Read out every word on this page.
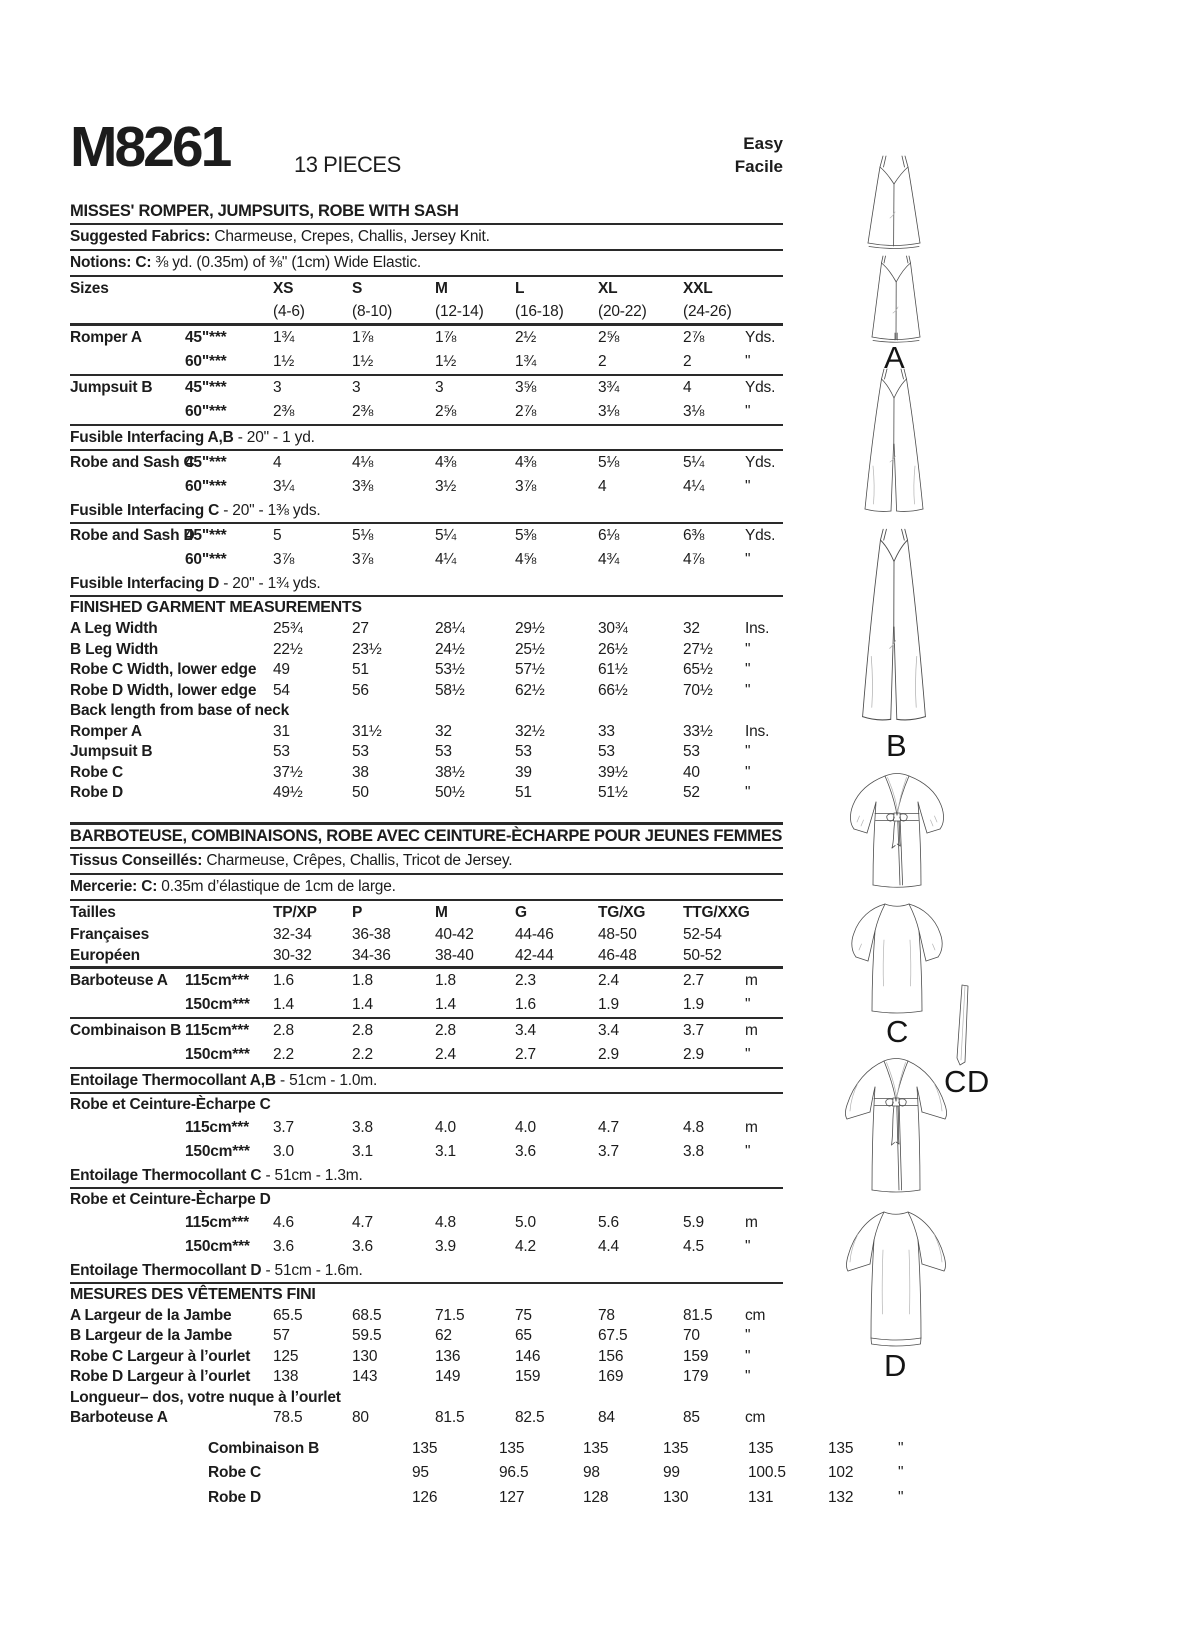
M8261	13 PIECES
Easy
Facile
MISSES' ROMPER, JUMPSUITS, ROBE WITH SASH
Suggested Fabrics: Charmeuse, Crepes, Challis, Jersey Knit.
Notions: C: ⅜ yd. (0.35m) of ⅜" (1cm) Wide Elastic.
Sizes	XS	S	M	L	XL	XXL
(4-6)	(8-10)	(12-14)	(16-18)	(20-22)	(24-26)
Romper A	45"***	1¾	1⅞	1⅞	2½	2⅝	2⅞	Yds.
60"***	1½	1½	1½	1¾	2	2	"
Jumpsuit B	45"***	3	3	3	3⅝	3¾	4	Yds.
60"***	2⅜	2⅜	2⅝	2⅞	3⅛	3⅛	"
Fusible Interfacing A,B - 20" - 1 yd.
Robe and Sash C
45"***	4	4⅛	4⅜	4⅜	5⅛	5¼	Yds.
60"***	3¼	3⅜	3½	3⅞	4	4¼	"
Fusible Interfacing C - 20" - 1⅜ yds.
Robe and Sash D
45"***	5	5⅛	5¼	5⅜	6⅛	6⅜	Yds.
60"***	3⅞	3⅞	4¼	4⅝	4¾	4⅞	"
Fusible Interfacing D - 20" - 1¾ yds.
FINISHED GARMENT MEASUREMENTS
A Leg Width	25¾	27	28¼	29½	30¾	32	Ins.
B Leg Width	22½	23½	24½	25½	26½	27½	"
Robe C Width, lower edge	49	51	53½	57½	61½	65½	"
Robe D Width, lower edge	54	56	58½	62½	66½	70½	"
Back length from base of neck
Romper A	31	31½	32	32½	33	33½	Ins.
Jumpsuit B	53	53	53	53	53	53	"
Robe C	37½	38	38½	39	39½	40	"
Robe D	49½	50	50½	51	51½	52	"
BARBOTEUSE, COMBINAISONS, ROBE AVEC CEINTURE-ÈCHARPE POUR JEUNES FEMMES
Tissus Conseillés: Charmeuse, Crêpes, Challis, Tricot de Jersey.
Mercerie: C: 0.35m d’élastique de 1cm de large.
Tailles	TP/XP	P	M	G	TG/XG	TTG/XXG
Françaises	32-34	36-38	40-42	44-46	48-50	52-54
Européen	30-32	34-36	38-40	42-44	46-48	50-52
Barboteuse A	115cm***	1.6	1.8	1.8	2.3	2.4	2.7	m
150cm***	1.4	1.4	1.4	1.6	1.9	1.9	"
Combinaison B 115cm***	2.8	2.8	2.8	3.4	3.4	3.7	m
150cm***	2.2	2.2	2.4	2.7	2.9	2.9	"
Entoilage Thermocollant A,B - 51cm - 1.0m.
Robe et Ceinture-Ècharpe C
115cm***	3.7	3.8	4.0	4.0	4.7	4.8	m
150cm***	3.0	3.1	3.1	3.6	3.7	3.8	"
Entoilage Thermocollant C - 51cm - 1.3m.
Robe et Ceinture-Ècharpe D
115cm***	4.6	4.7	4.8	5.0	5.6	5.9	m
150cm***	3.6	3.6	3.9	4.2	4.4	4.5	"
Entoilage Thermocollant D - 51cm - 1.6m.
MESURES DES VÊTEMENTS FINI
A Largeur de la Jambe	65.5	68.5	71.5	75	78	81.5	cm
B Largeur de la Jambe	57	59.5	62	65	67.5	70	"
Robe C Largeur à l’ourlet	125	130	136	146	156	159	"
Robe D Largeur à l’ourlet	138	143	149	159	169	179	"
Longueur– dos, votre nuque à l’ourlet
Barboteuse A	78.5	80	81.5	82.5	84	85	cm
Combinaison B	135	135	135	135	135	135	"
Robe C	95	96.5	98	99	100.5	102	"
Robe D	126	127	128	130	131	132	"
A
B
C
CD
D
